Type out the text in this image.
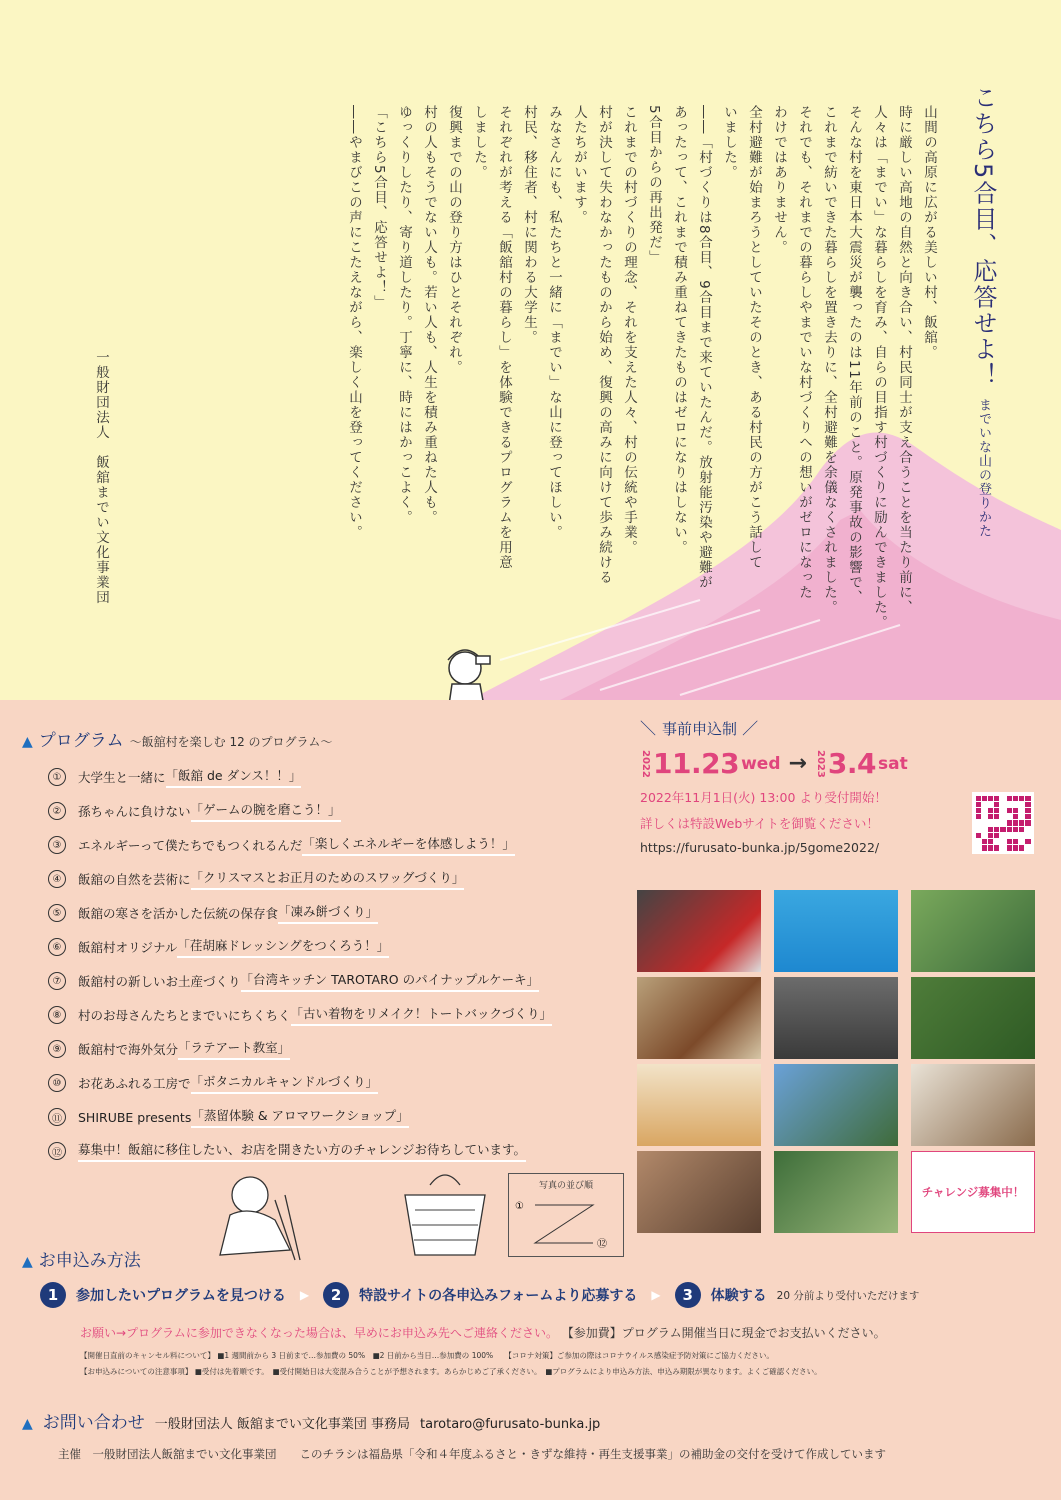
こちら5合目、応答せよ！ までいな山の登りかた
山間の高原に広がる美しい村、飯舘。
時に厳しい高地の自然と向き合い、村民同士が支え合うことを当たり前に、
人々は「までい」な暮らしを育み、自らの目指す村づくりに励んできました。
そんな村を東日本大震災が襲ったのは11年前のこと。原発事故の影響で、
これまで紡いできた暮らしを置き去りに、全村避難を余儀なくされました。
それでも、それまでの暮らしやまでいな村づくりへの想いがゼロになった
わけではありません。
全村避難が始まろうとしていたそのとき、ある村民の方がこう話して
いました。
――「村づくりは8合目、9合目まで来ていたんだ。放射能汚染や避難が
あったって、これまで積み重ねてきたものはゼロになりはしない。
5合目からの再出発だ」
これまでの村づくりの理念、それを支えた人々、村の伝統や手業。
村が決して失わなかったものから始め、復興の高みに向けて歩み続ける
人たちがいます。
みなさんにも、私たちと一緒に「までい」な山に登ってほしい。
村民、移住者、村に関わる大学生。
それぞれが考える「飯舘村の暮らし」を体験できるプログラムを用意
しました。
復興までの山の登り方はひとそれぞれ。
村の人もそうでない人も。若い人も、人生を積み重ねた人も。
ゆっくりしたり、寄り道したり。丁寧に、時にはかっこよく。
「こちら5合目、応答せよ！」
――やまびこの声にこたえながら、楽しく山を登ってください。
一般財団法人　飯舘までい文化事業団
▲ プログラム 〜飯舘村を楽しむ 12 のプログラム〜
①	大学生と一緒に 「飯舘 de ダンス！！」
②	孫ちゃんに負けない 「ゲームの腕を磨こう！」
③	エネルギーって僕たちでもつくれるんだ 「楽しくエネルギーを体感しよう！」
④	飯舘の自然を芸術に 「クリスマスとお正月のためのスワッグづくり」
⑤	飯舘の寒さを活かした伝統の保存食 「凍み餅づくり」
⑥	飯舘村オリジナル 「荏胡麻ドレッシングをつくろう！」
⑦	飯舘村の新しいお土産づくり 「台湾キッチン TAROTARO のパイナップルケーキ」
⑧	村のお母さんたちとまでいにちくちく 「古い着物をリメイク！トートバックづくり」
⑨	飯舘村で海外気分 「ラテアート教室」
⑩	お花あふれる工房で 「ボタニカルキャンドルづくり」
⑪	SHIRUBE presents 「蒸留体験 & アロマワークショップ」
⑫	募集中！飯舘に移住したい、お店を開きたい方のチャレンジお待ちしています。
＼ 事前申込制 ／
2022 11.23 wed → 2023 3.4 sat
2022年11月1日(火) 13:00 より受付開始！
詳しくは特設Webサイトを御覧ください！
https://furusato-bunka.jp/5gome2022/
チャレンジ募集中！
写真の並び順
①
⑫
▲ お申込み方法
1	参加したいプログラムを見つける ▶	2	特設サイトの各申込みフォームより応募する ▶	3	体験する 20 分前より受付いただけます
お願い→プログラムに参加できなくなった場合は、早めにお申込み先へご連絡ください。 【参加費】プログラム開催当日に現金でお支払いください。
【開催日直前のキャンセル料について】 ■1 週間前から 3 日前まで…参加費の 50%　■2 日前から当日…参加費の 100%　　【コロナ対策】ご参加の際はコロナウイルス感染症予防対策にご協力ください。
【お申込みについての注意事項】 ■受付は先着順です。　■受付開始日は大変混み合うことが予想されます。あらかじめご了承ください。　■プログラムにより申込み方法、申込み期限が異なります。よくご確認ください。
▲ お問い合わせ 一般財団法人 飯舘までい文化事業団 事務局 tarotaro@furusato-bunka.jp
主催　一般財団法人飯舘までい文化事業団　　このチラシは福島県「令和４年度ふるさと・きずな維持・再生支援事業」の補助金の交付を受けて作成しています
